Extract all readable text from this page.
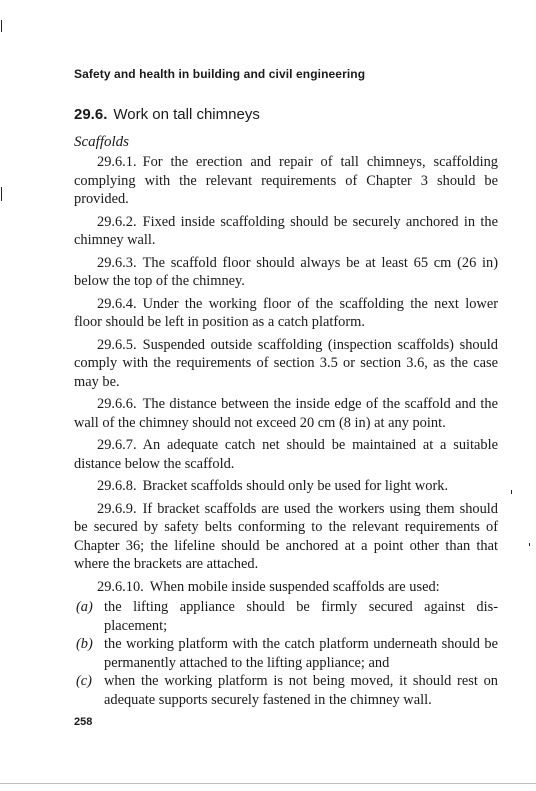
Safety and health in building and civil engineering
29.6. Work on tall chimneys
Scaffolds

29.6.1. For the erection and repair of tall chimneys, scaffolding complying with the relevant requirements of Chapter 3 should be provided.

29.6.2. Fixed inside scaffolding should be securely anchored in the chimney wall.

29.6.3. The scaffold floor should always be at least 65 cm (26 in) below the top of the chimney.

29.6.4. Under the working floor of the scaffolding the next lower floor should be left in position as a catch platform.

29.6.5. Suspended outside scaffolding (inspection scaffolds) should comply with the requirements of section 3.5 or section 3.6, as the case may be.

29.6.6. The distance between the inside edge of the scaffold and the wall of the chimney should not exceed 20 cm (8 in) at any point.

29.6.7. An adequate catch net should be maintained at a suitable distance below the scaffold.

29.6.8. Bracket scaffolds should only be used for light work.

29.6.9. If bracket scaffolds are used the workers using them should be secured by safety belts conforming to the relevant requirements of Chapter 36; the lifeline should be anchored at a point other than that where the brackets are attached.

29.6.10. When mobile inside suspended scaffolds are used:

(a) the lifting appliance should be firmly secured against dis-placement;
(b) the working platform with the catch platform underneath should be permanently attached to the lifting appliance; and
(c) when the working platform is not being moved, it should rest on adequate supports securely fastened in the chimney wall.
258
